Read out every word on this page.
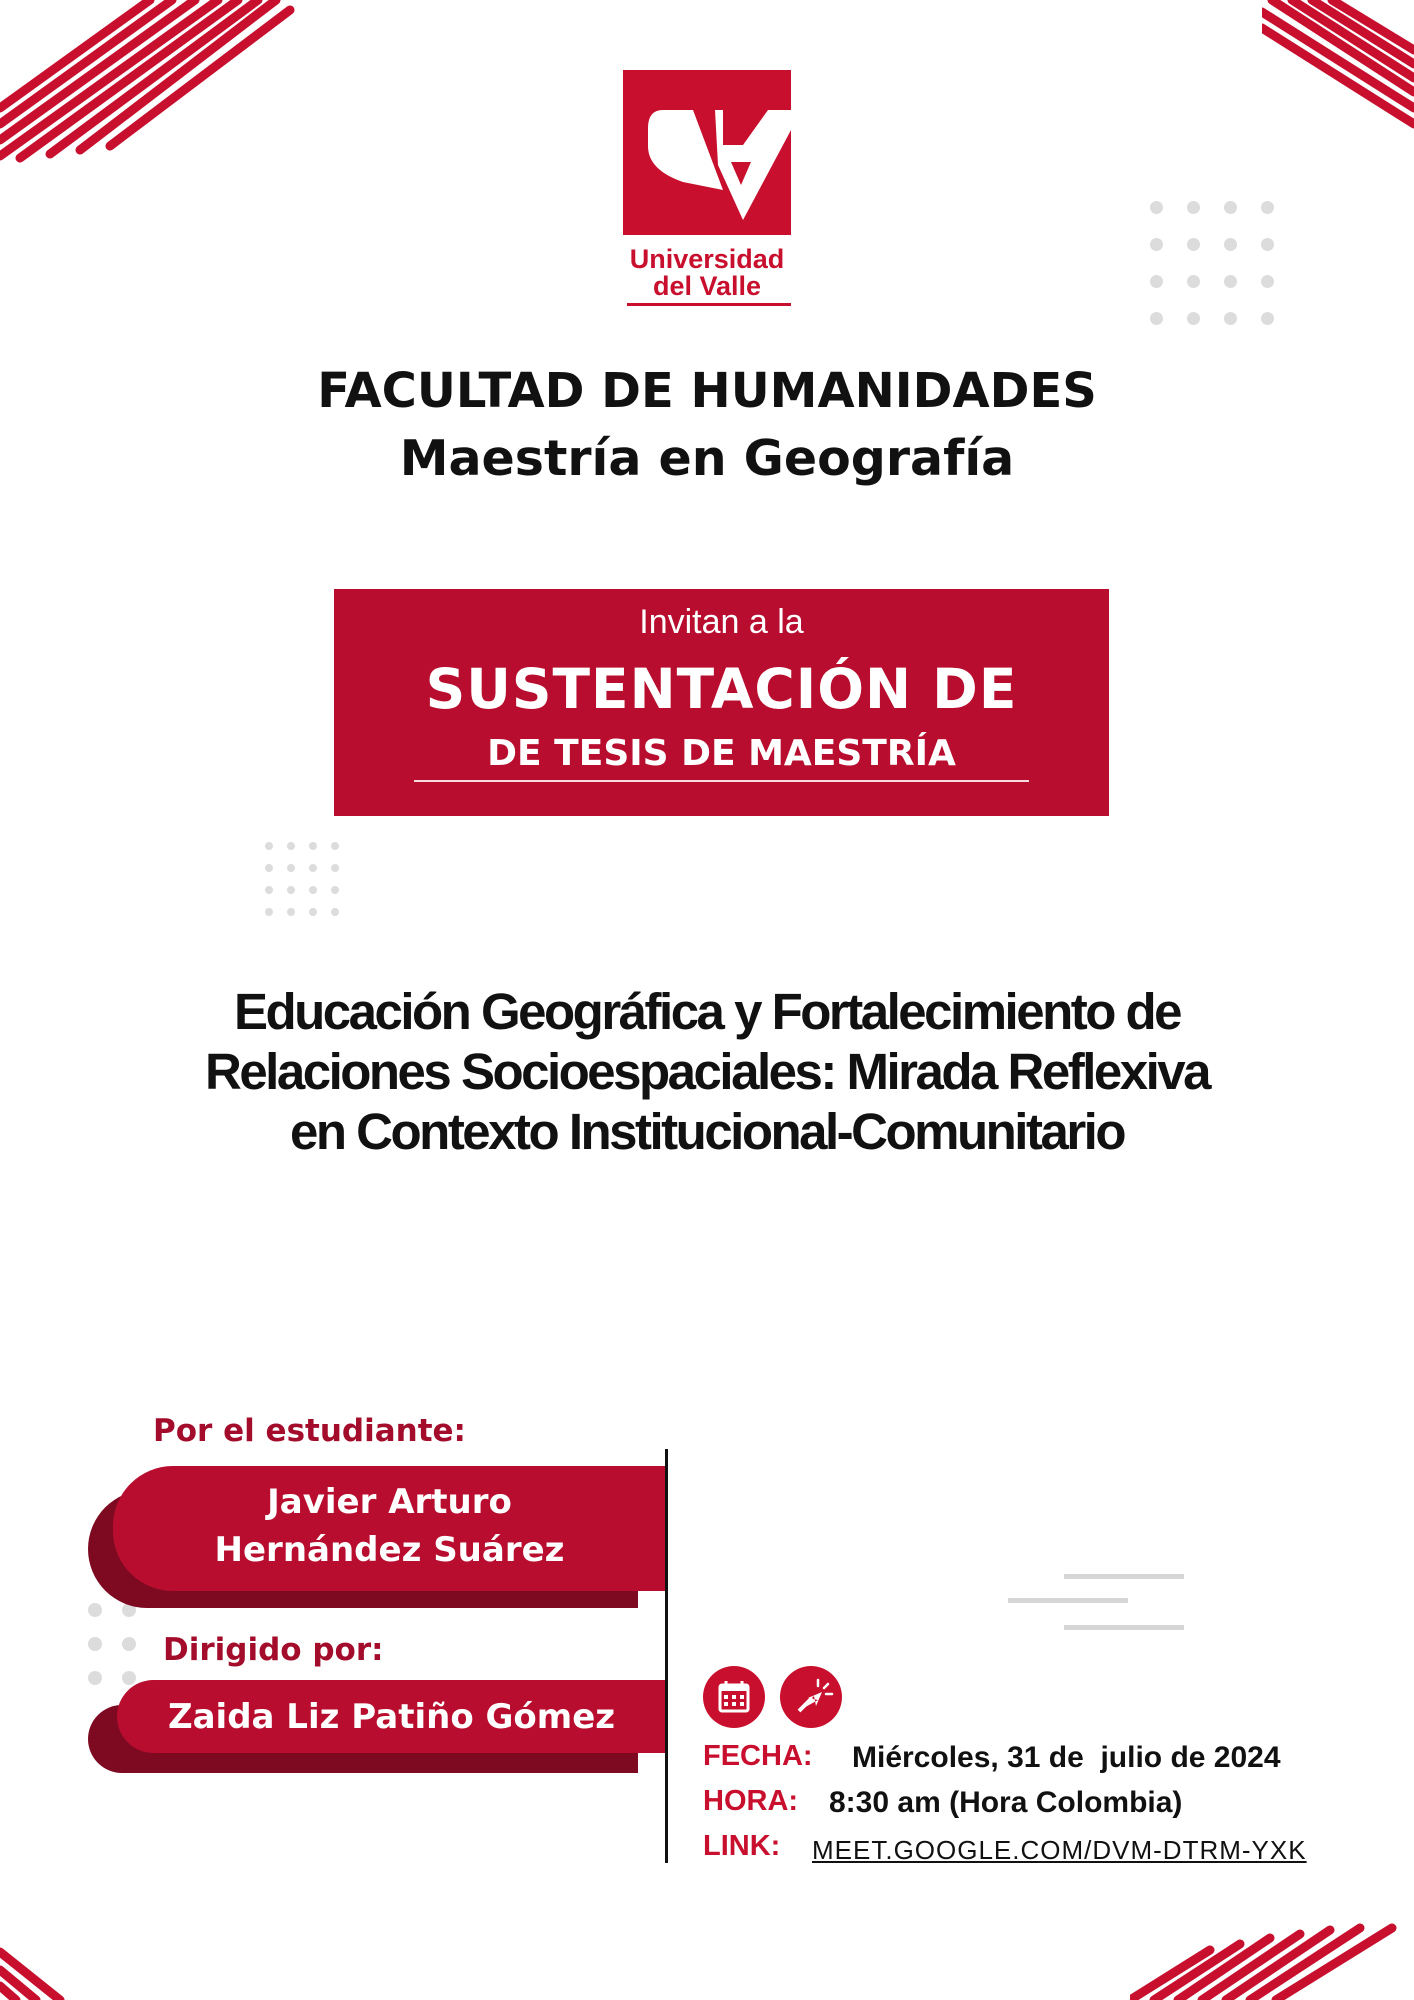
Universidad
del Valle
FACULTAD DE HUMANIDADES
Maestría en Geografía
Invitan a la
SUSTENTACIÓN DE
DE TESIS DE MAESTRÍA
Educación Geográfica y Fortalecimiento de
Relaciones Socioespaciales: Mirada Reflexiva
en Contexto Institucional-Comunitario
Por el estudiante:
Javier Arturo
Hernández Suárez
Dirigido por:
Zaida Liz Patiño Gómez
FECHA: Miércoles, 31 de  julio de 2024
HORA: 8:30 am (Hora Colombia)
LINK: MEET.GOOGLE.COM/DVM-DTRM-YXK
